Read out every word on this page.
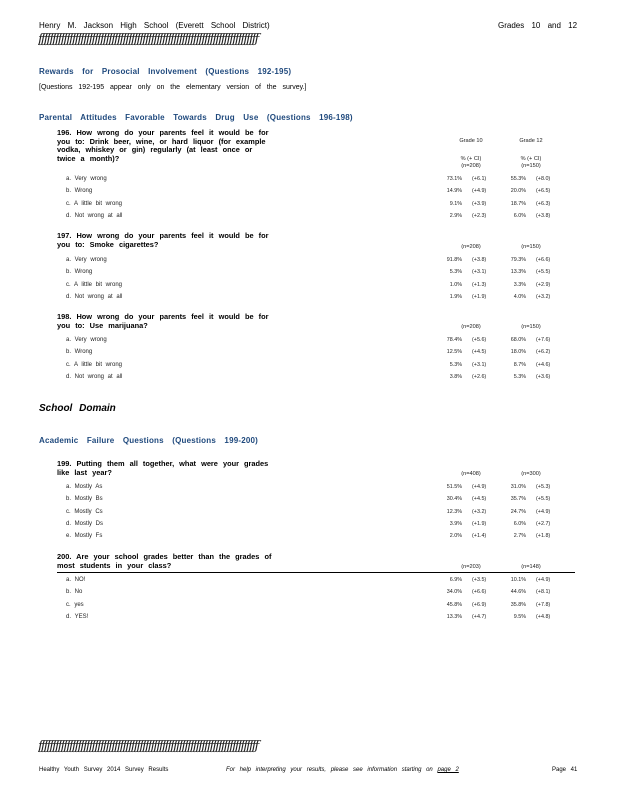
Henry M. Jackson High School (Everett School District)	Grades 10 and 12
ƒƒƒƒƒƒƒƒƒƒƒƒƒƒƒƒƒƒƒƒƒƒƒƒƒƒƒƒƒƒƒƒƒƒƒƒƒƒƒƒƒƒƒƒƒƒƒƒƒƒƒƒƒƒƒƒƒƒƒƒƒƒƒƒƒƒƒƒƒƒƒƒƒƒƒƒƒƒ
Rewards for Prosocial Involvement (Questions 192-195)
[Questions 192-195 appear only on the elementary version of the survey.]
Parental Attitudes Favorable Towards Drug Use (Questions 196-198)
Grade 10	Grade 12
% (+ CI)	% (+ CI)
196. How wrong do your parents feel it would be for you to: Drink beer, wine, or hard liquor (for example vodka, whiskey or gin) regularly (at least once or twice a month)?
(n=208)	(n=150)
a. Very wrong	73.1% (+6.1)	55.3% (+8.0)
b. Wrong	14.9% (+4.9)	20.0% (+6.5)
c. A little bit wrong	9.1% (+3.9)	18.7% (+6.3)
d. Not wrong at all	2.9% (+2.3)	6.0% (+3.8)
197. How wrong do your parents feel it would be for you to: Smoke cigarettes?	(n=208)	(n=150)
a. Very wrong	91.8% (+3.8)	79.3% (+6.6)
b. Wrong	5.3% (+3.1)	13.3% (+5.5)
c. A little bit wrong	1.0% (+1.3)	3.3% (+2.9)
d. Not wrong at all	1.9% (+1.9)	4.0% (+3.2)
198. How wrong do your parents feel it would be for you to: Use marijuana?	(n=208)	(n=150)
a. Very wrong	78.4% (+5.6)	68.0% (+7.6)
b. Wrong	12.5% (+4.5)	18.0% (+6.2)
c. A little bit wrong	5.3% (+3.1)	8.7% (+4.6)
d. Not wrong at all	3.8% (+2.6)	5.3% (+3.6)
School Domain
Academic Failure Questions (Questions 199-200)
199. Putting them all together, what were your grades like last year?	(n=408)	(n=300)
a. Mostly As	51.5% (+4.9)	31.0% (+5.3)
b. Mostly Bs	30.4% (+4.5)	35.7% (+5.5)
c. Mostly Cs	12.3% (+3.2)	24.7% (+4.9)
d. Mostly Ds	3.9% (+1.9)	6.0% (+2.7)
e. Mostly Fs	2.0% (+1.4)	2.7% (+1.8)
200. Are your school grades better than the grades of most students in your class?	(n=203)	(n=148)
a. NO!	6.9% (+3.5)	10.1% (+4.9)
b. No	34.0% (+6.6)	44.6% (+8.1)
c. yes	45.8% (+6.9)	35.8% (+7.8)
d. YES!	13.3% (+4.7)	9.5% (+4.8)
ƒƒƒƒƒƒƒƒƒƒƒƒƒƒƒƒƒƒƒƒƒƒƒƒƒƒƒƒƒƒƒƒƒƒƒƒƒƒƒƒƒƒƒƒƒƒƒƒƒƒƒƒƒƒƒƒƒƒƒƒƒƒƒƒƒƒƒƒƒƒƒƒƒƒƒƒƒƒ
Healthy Youth Survey 2014 Survey Results	For help interpreting your results, please see information starting on page 2	Page 41
